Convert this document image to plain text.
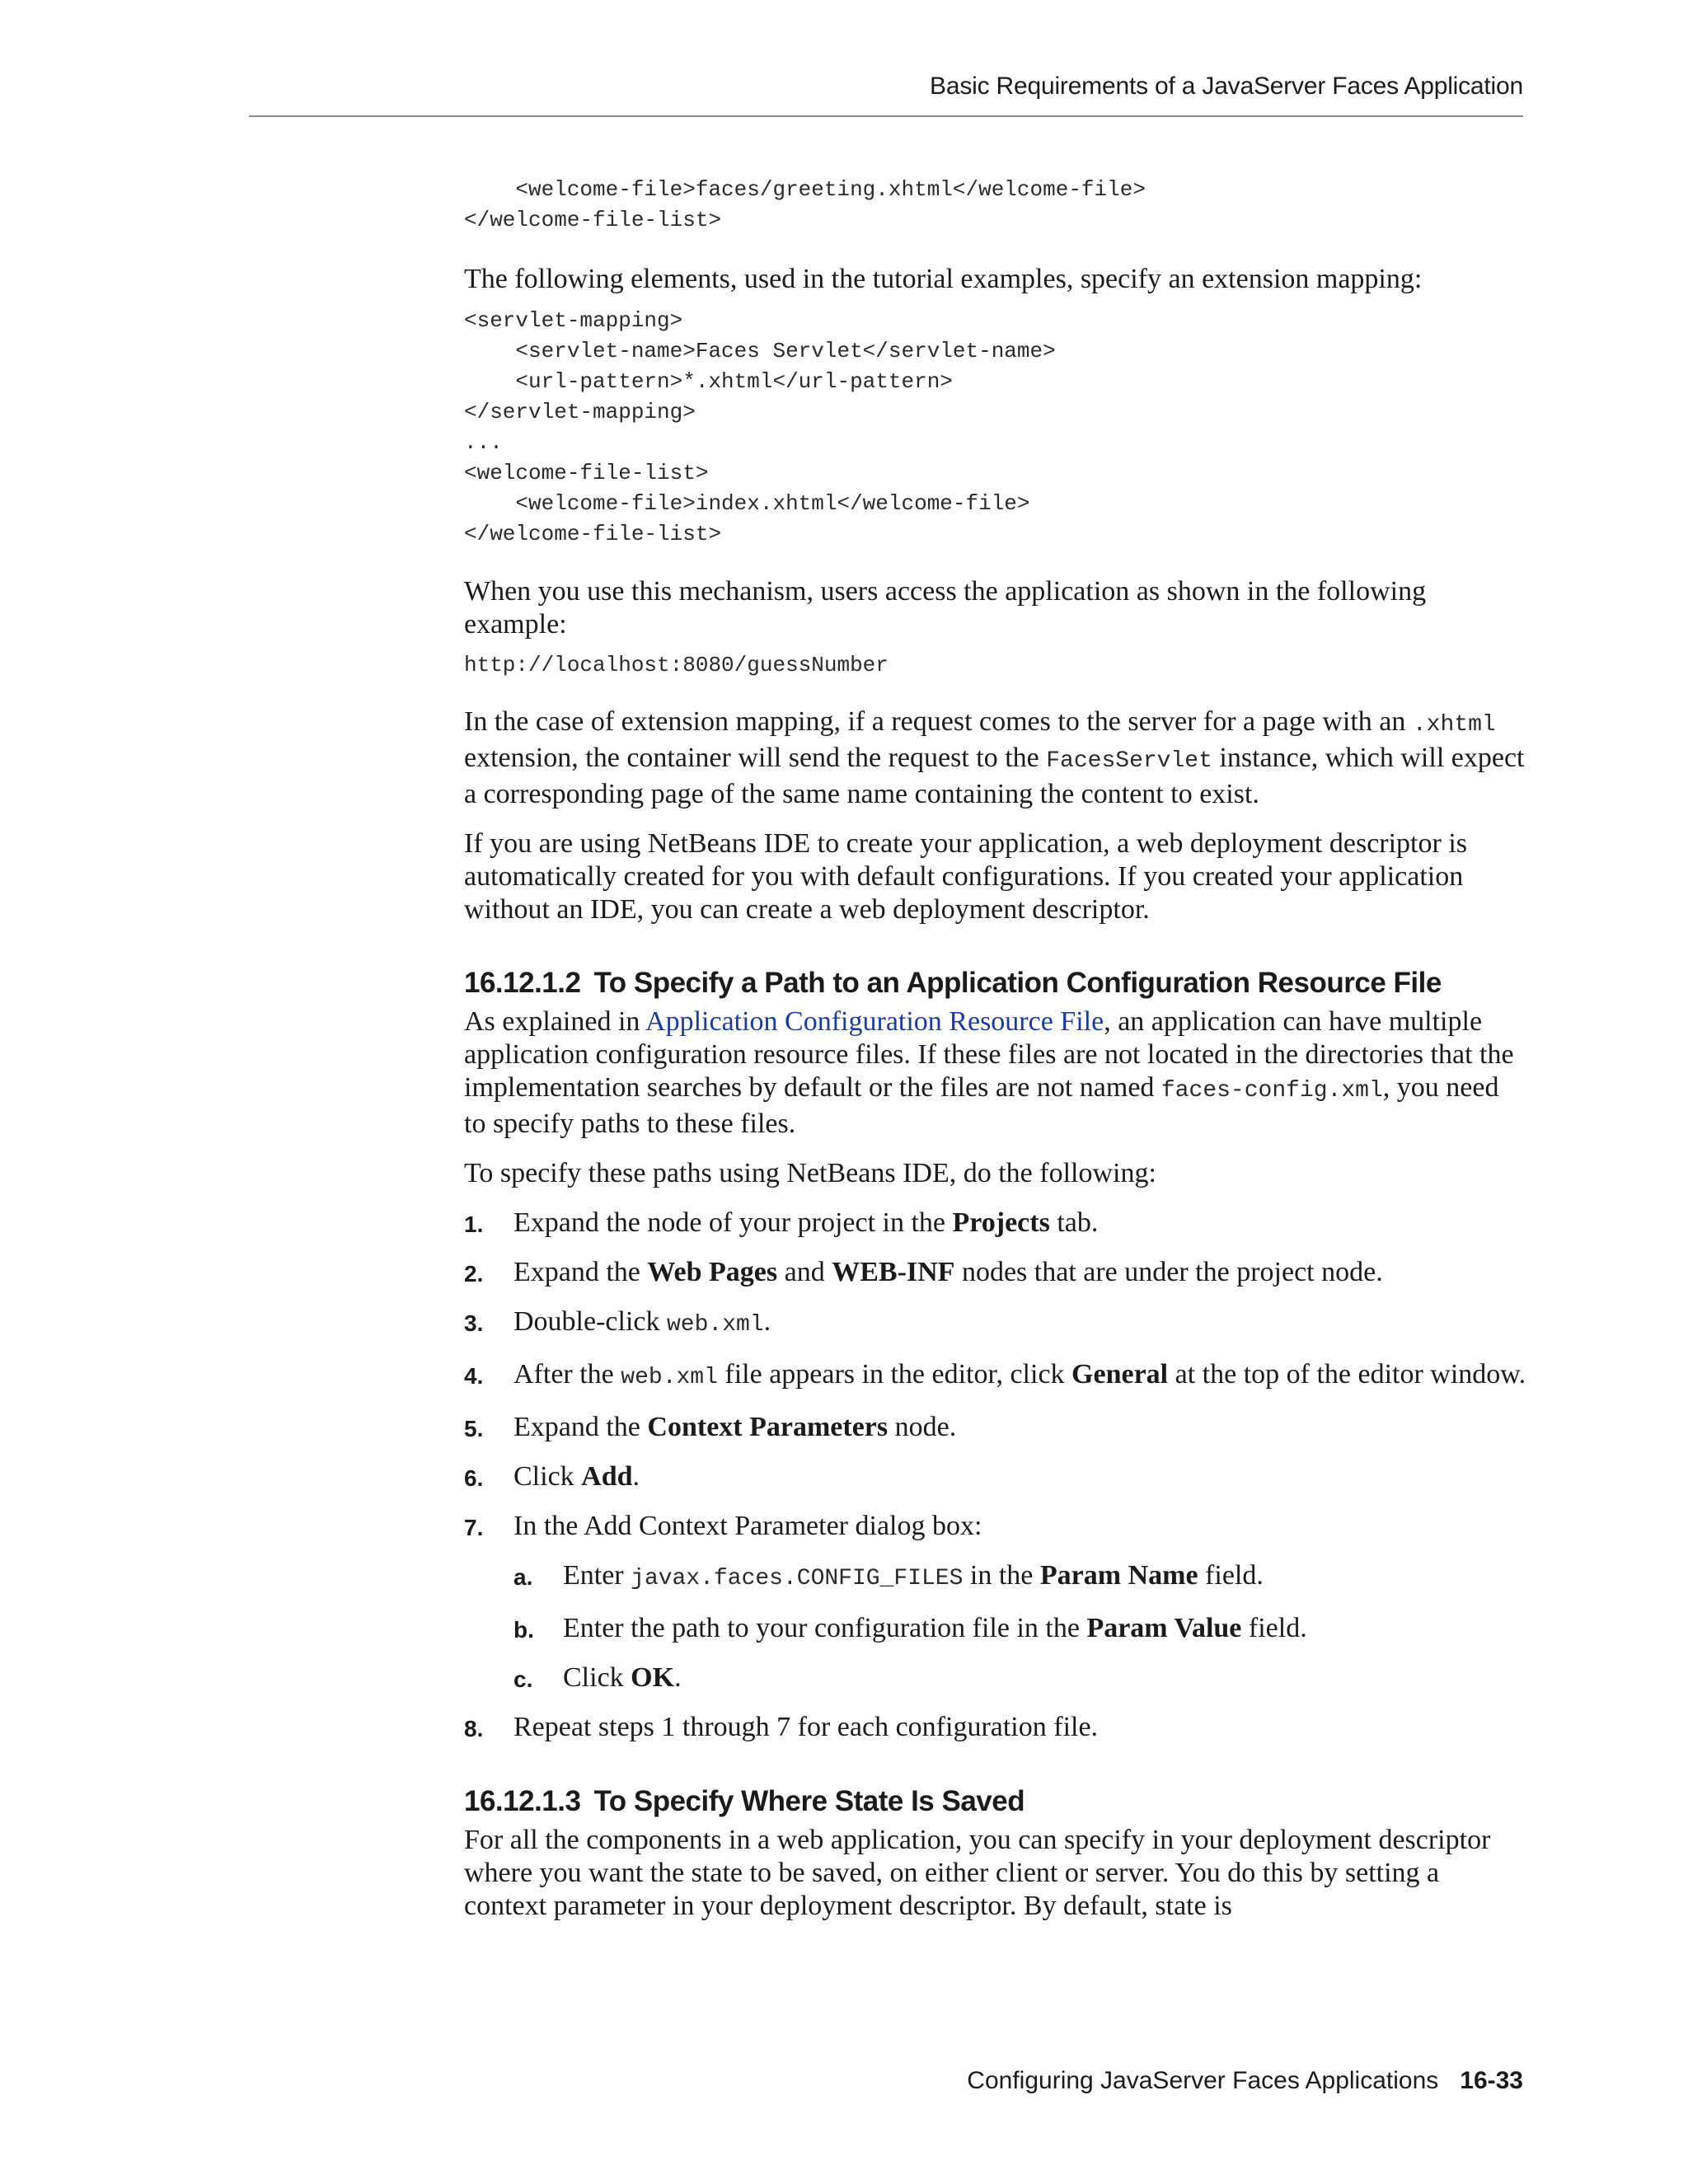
Basic Requirements of a JavaServer Faces Application
<welcome-file>faces/greeting.xhtml</welcome-file>
</welcome-file-list>

The following elements, used in the tutorial examples, specify an extension mapping:

<servlet-mapping>
<servlet-name>Faces Servlet</servlet-name>
<url-pattern>*.xhtml</url-pattern>
</servlet-mapping>
...
<welcome-file-list>
<welcome-file>index.xhtml</welcome-file>
</welcome-file-list>

When you use this mechanism, users access the application as shown in the following example:

http://localhost:8080/guessNumber

In the case of extension mapping, if a request comes to the server for a page with an .xhtml extension, the container will send the request to the FacesServlet instance, which will expect a corresponding page of the same name containing the content to exist.

If you are using NetBeans IDE to create your application, a web deployment descriptor is automatically created for you with default configurations. If you created your application without an IDE, you can create a web deployment descriptor.

16.12.1.2 To Specify a Path to an Application Configuration Resource File

As explained in Application Configuration Resource File, an application can have multiple application configuration resource files. If these files are not located in the directories that the implementation searches by default or the files are not named faces-config.xml, you need to specify paths to these files.

To specify these paths using NetBeans IDE, do the following:

1. Expand the node of your project in the Projects tab.
2. Expand the Web Pages and WEB-INF nodes that are under the project node.
3. Double-click web.xml.
4. After the web.xml file appears in the editor, click General at the top of the editor window.
5. Expand the Context Parameters node.
6. Click Add.
7. In the Add Context Parameter dialog box:
a. Enter javax.faces.CONFIG_FILES in the Param Name field.
b. Enter the path to your configuration file in the Param Value field.
c. Click OK.
8. Repeat steps 1 through 7 for each configuration file.
16.12.1.3 To Specify Where State Is Saved

For all the components in a web application, you can specify in your deployment descriptor where you want the state to be saved, on either client or server. You do this by setting a context parameter in your deployment descriptor. By default, state is

Configuring JavaServer Faces Applications 16-33
